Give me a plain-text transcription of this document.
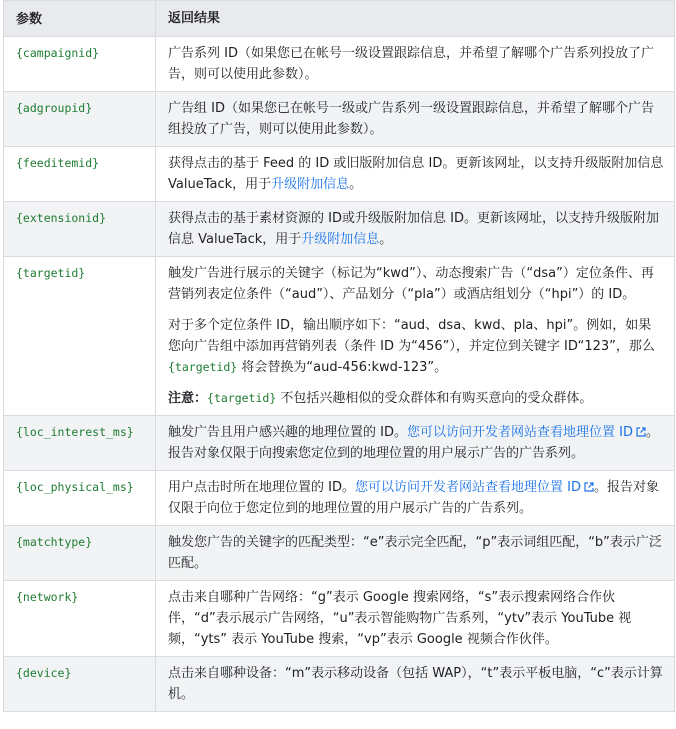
参数	返回结果
{campaignid}	广告系列 ID（如果您已在帐号一级设置跟踪信息，并希望了解哪个广告系列投放了广告，则可以使用此参数）。
{adgroupid}	广告组 ID（如果您已在帐号一级或广告系列一级设置跟踪信息，并希望了解哪个广告组投放了广告，则可以使用此参数）。
{feeditemid}	获得点击的基于 Feed 的 ID 或旧版附加信息 ID。更新该网址，以支持升级版附加信息 ValueTack，用于升级附加信息。
{extensionid}	获得点击的基于素材资源的 ID或升级版附加信息 ID。更新该网址，以支持升级版附加信息 ValueTack，用于升级附加信息。
{targetid}	触发广告进行展示的关键字（标记为“kwd”）、动态搜索广告（“dsa”）定位条件、再营销列表定位条件（“aud”）、产品划分（“pla”）或酒店组划分（“hpi”）的 ID。

对于多个定位条件 ID，输出顺序如下：“aud、dsa、kwd、pla、hpi”。例如，如果您向广告组中添加再营销列表（条件 ID 为“456”），并定位到关键字 ID“123”，那么 {targetid} 将会替换为“aud-456:kwd-123”。

注意：{targetid} 不包括兴趣相似的受众群体和有购买意向的受众群体。

{loc_interest_ms}	触发广告且用户感兴趣的地理位置的 ID。您可以访问开发者网站查看地理位置 ID 。报告对象仅限于向搜索您定位到的地理位置的用户展示广告的广告系列。
{loc_physical_ms}	用户点击时所在地理位置的 ID。您可以访问开发者网站查看地理位置 ID 。报告对象仅限于向位于您定位到的地理位置的用户展示广告的广告系列。
{matchtype}	触发您广告的关键字的匹配类型：“e”表示完全匹配，“p”表示词组匹配，“b”表示广泛匹配。
{network}	点击来自哪种广告网络：“g”表示 Google 搜索网络，“s”表示搜索网络合作伙伴，“d”表示展示广告网络，“u”表示智能购物广告系列，“ytv”表示 YouTube 视频，“yts” 表示 YouTube 搜索，“vp”表示 Google 视频合作伙伴。
{device}	点击来自哪种设备：“m”表示移动设备（包括 WAP），“t”表示平板电脑，“c”表示计算机。
